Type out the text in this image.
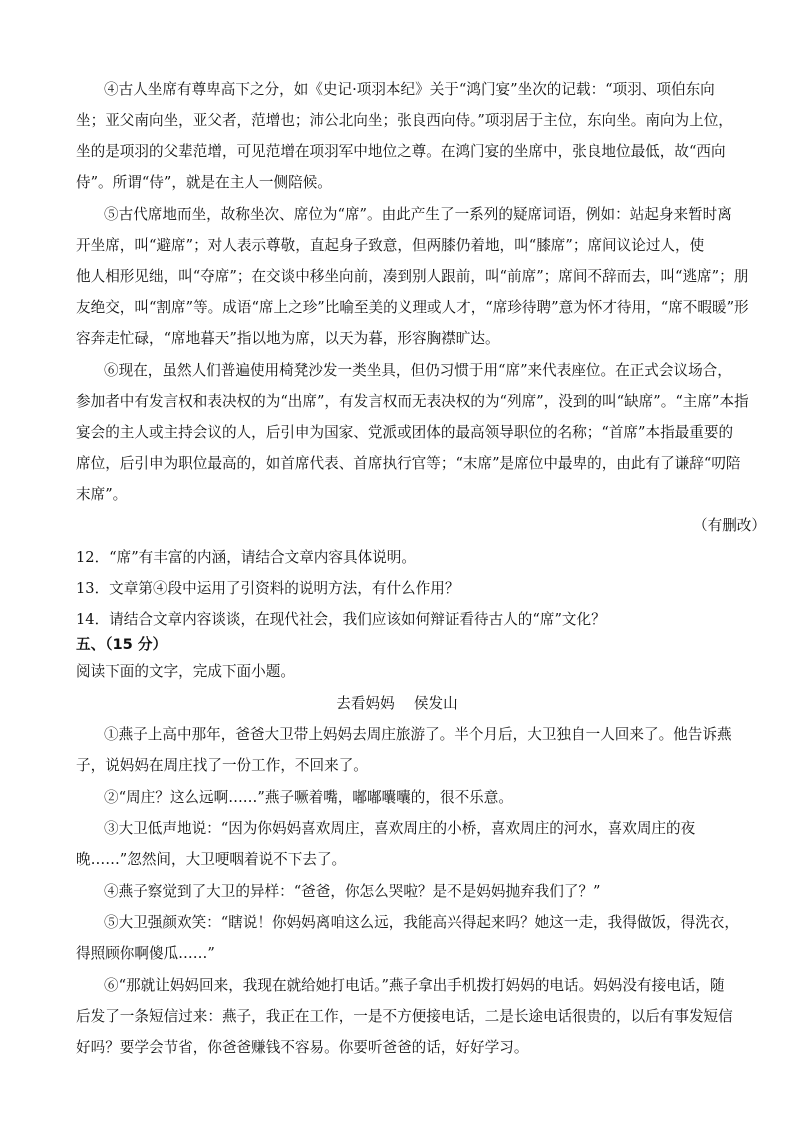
④古人坐席有尊卑高下之分，如《史记·项羽本纪》关于“鸿门宴”坐次的记载：“项羽、项伯东向
坐；亚父南向坐，亚父者，范增也；沛公北向坐；张良西向侍。”项羽居于主位，东向坐。南向为上位，
坐的是项羽的父辈范增，可见范增在项羽军中地位之尊。在鸿门宴的坐席中，张良地位最低，故“西向
侍”。所谓“侍”，就是在主人一侧陪候。
⑤古代席地而坐，故称坐次、席位为“席”。由此产生了一系列的疑席词语，例如：站起身来暂时离
开坐席，叫“避席”；对人表示尊敬，直起身子致意，但两膝仍着地，叫“膝席”；席间议论过人，使
他人相形见绌，叫“夺席”；在交谈中移坐向前，凑到别人跟前，叫“前席”；席间不辞而去，叫“逃席”；朋
友绝交，叫“割席”等。成语“席上之珍”比喻至美的义理或人才，“席珍待聘”意为怀才待用，“席不暇暖”形
容奔走忙碌，“席地暮天”指以地为席，以天为暮，形容胸襟旷达。
⑥现在，虽然人们普遍使用椅凳沙发一类坐具，但仍习惯于用“席”来代表座位。在正式会议场合，
参加者中有发言权和表决权的为“出席”，有发言权而无表决权的为“列席”，没到的叫“缺席”。“主席”本指
宴会的主人或主持会议的人，后引申为国家、党派或团体的最高领导职位的名称；“首席”本指最重要的
席位，后引申为职位最高的，如首席代表、首席执行官等；“末席”是席位中最卑的，由此有了谦辞“叨陪
末席”。
（有删改）
12．“席”有丰富的内涵，请结合文章内容具体说明。
13．文章第④段中运用了引资料的说明方法，有什么作用？
14．请结合文章内容谈谈，在现代社会，我们应该如何辩证看待古人的“席”文化？
五、（15 分）
阅读下面的文字，完成下面小题。
去看妈妈　 侯发山
①燕子上高中那年，爸爸大卫带上妈妈去周庄旅游了。半个月后，大卫独自一人回来了。他告诉燕
子，说妈妈在周庄找了一份工作，不回来了。
②“周庄？这么远啊……”燕子噘着嘴，嘟嘟囔囔的，很不乐意。
③大卫低声地说：“因为你妈妈喜欢周庄，喜欢周庄的小桥，喜欢周庄的河水，喜欢周庄的夜
晚……”忽然间，大卫哽咽着说不下去了。
④燕子察觉到了大卫的异样：“爸爸，你怎么哭啦？是不是妈妈抛弃我们了？”
⑤大卫强颜欢笑：“瞎说！你妈妈离咱这么远，我能高兴得起来吗？她这一走，我得做饭，得洗衣，
得照顾你啊傻瓜……”
⑥“那就让妈妈回来，我现在就给她打电话。”燕子拿出手机拨打妈妈的电话。妈妈没有接电话，随
后发了一条短信过来：燕子，我正在工作，一是不方便接电话，二是长途电话很贵的，以后有事发短信
好吗？要学会节省，你爸爸赚钱不容易。你要听爸爸的话，好好学习。
